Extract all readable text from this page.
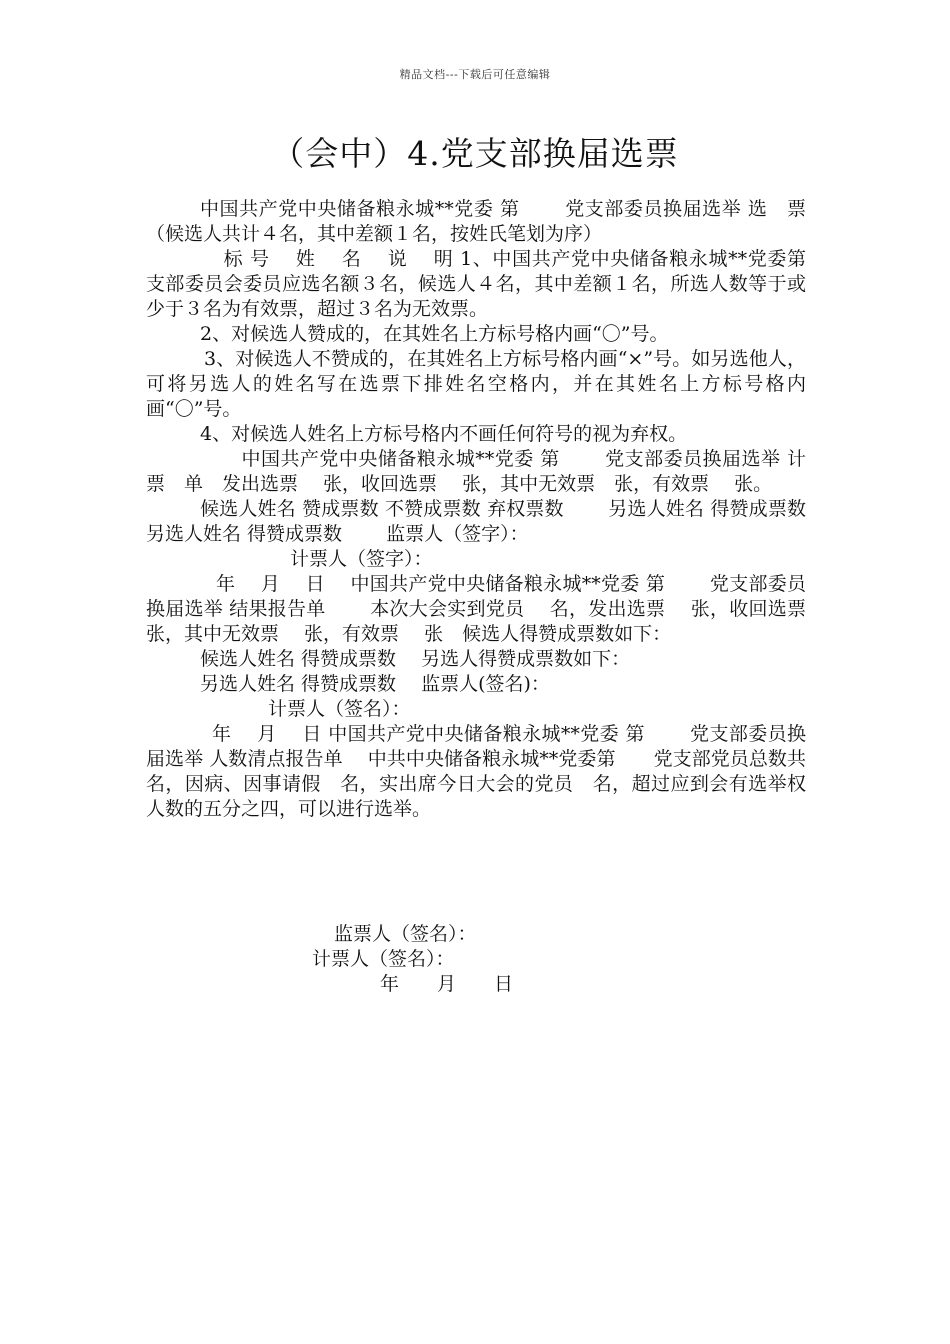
精品文档---下载后可任意编辑
（会中）4.党支部换届选票

中国共产党中央储备粮永城**党委 第　　 党支部委员换届选举 选　票 （候选人共计４名，其中差额１名，按姓氏笔划为序）

　标 号　 姓　 名　 说　 明 1、中国共产党中央储备粮永城**党委第　 支部委员会委员应选名额３名，候选人４名，其中差额１名，所选人数等于或少于３名为有效票，超过３名为无效票。

2、对候选人赞成的，在其姓名上方标号格内画“〇”号。

3、对候选人不赞成的，在其姓名上方标号格内画“×”号。如另选他人，可将另选人的姓名写在选票下排姓名空格内，并在其姓名上方标号格内画“〇”号。

4、对候选人姓名上方标号格内不画任何符号的视为弃权。

　中国共产党中央储备粮永城**党委 第　　 党支部委员换届选举 计　票　单　发出选票　 张，收回选票　 张，其中无效票　张，有效票　 张。

候选人姓名 赞成票数 不赞成票数 弃权票数　　 另选人姓名 得赞成票数 另选人姓名 得赞成票数　　 监票人（签字）：

计票人（签字）：

年　 月　 日　 中国共产党中央储备粮永城**党委 第　　 党支部委员换届选举 结果报告单　　 本次大会实到党员　 名，发出选票　 张，收回选票　 张，其中无效票　 张，有效票　 张　候选人得赞成票数如下：

候选人姓名 得赞成票数　 另选人得赞成票数如下：

另选人姓名 得赞成票数　 监票人(签名)：

计票人（签名）：

年　 月　 日 中国共产党中央储备粮永城**党委 第　　 党支部委员换届选举 人数清点报告单　 中共中央储备粮永城**党委第　　党支部党员总数共　名，因病、因事请假　名，实出席今日大会的党员　名，超过应到会有选举权人数的五分之四，可以进行选举。

监票人（签名）：
计票人（签名）：
年　　月　　日
